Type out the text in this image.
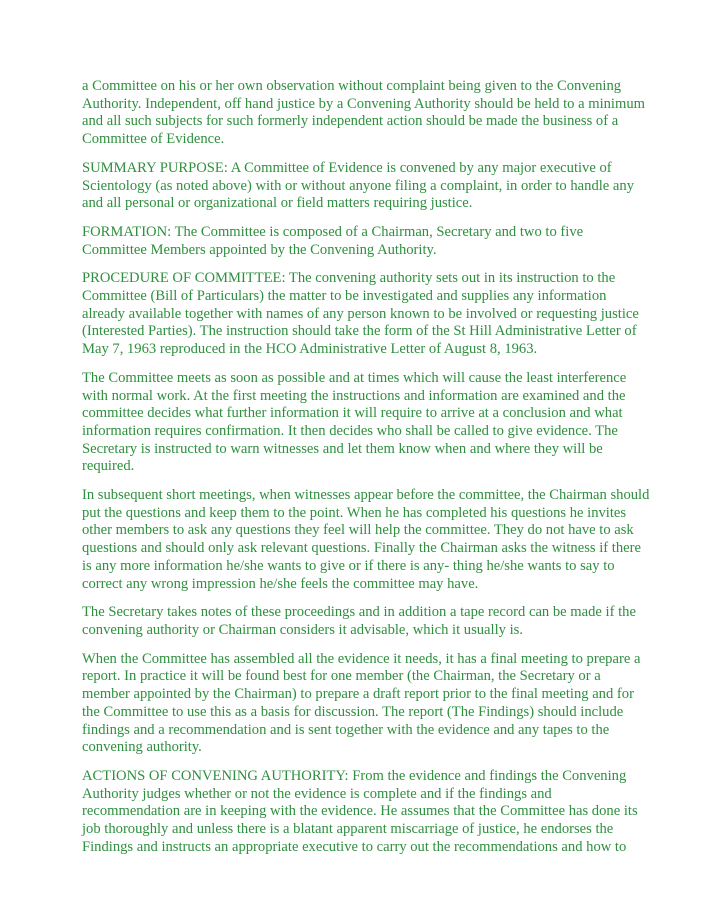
a Committee on his or her own observation without complaint being given to the Convening
Authority. Independent, off hand justice by a Convening Authority should be held to a minimum
and all such subjects for such formerly independent action should be made the business of a
Committee of Evidence.

SUMMARY PURPOSE: A Committee of Evidence is convened by any major executive of
Scientology (as noted above) with or without anyone filing a complaint, in order to handle any
and all personal or organizational or field matters requiring justice.

FORMATION: The Committee is composed of a Chairman, Secretary and two to five
Committee Members appointed by the Convening Authority.

PROCEDURE OF COMMITTEE: The convening authority sets out in its instruction to the
Committee (Bill of Particulars) the matter to be investigated and supplies any information
already available together with names of any person known to be involved or requesting justice
(Interested Parties). The instruction should take the form of the St Hill Administrative Letter of
May 7, 1963 reproduced in the HCO Administrative Letter of August 8, 1963.

The Committee meets as soon as possible and at times which will cause the least interference
with normal work. At the first meeting the instructions and information are examined and the
committee decides what further information it will require to arrive at a conclusion and what
information requires confirmation. It then decides who shall be called to give evidence. The
Secretary is instructed to warn witnesses and let them know when and where they will be
required.

In subsequent short meetings, when witnesses appear before the committee, the Chairman should
put the questions and keep them to the point. When he has completed his questions he invites
other members to ask any questions they feel will help the committee. They do not have to ask
questions and should only ask relevant questions. Finally the Chairman asks the witness if there
is any more information he/she wants to give or if there is any- thing he/she wants to say to
correct any wrong impression he/she feels the committee may have.

The Secretary takes notes of these proceedings and in addition a tape record can be made if the
convening authority or Chairman considers it advisable, which it usually is.

When the Committee has assembled all the evidence it needs, it has a final meeting to prepare a
report. In practice it will be found best for one member (the Chairman, the Secretary or a
member appointed by the Chairman) to prepare a draft report prior to the final meeting and for
the Committee to use this as a basis for discussion. The report (The Findings) should include
findings and a recommendation and is sent together with the evidence and any tapes to the
convening authority.

ACTIONS OF CONVENING AUTHORITY: From the evidence and findings the Convening
Authority judges whether or not the evidence is complete and if the findings and
recommendation are in keeping with the evidence. He assumes that the Committee has done its
job thoroughly and unless there is a blatant apparent miscarriage of justice, he endorses the
Findings and instructs an appropriate executive to carry out the recommendations and how to
